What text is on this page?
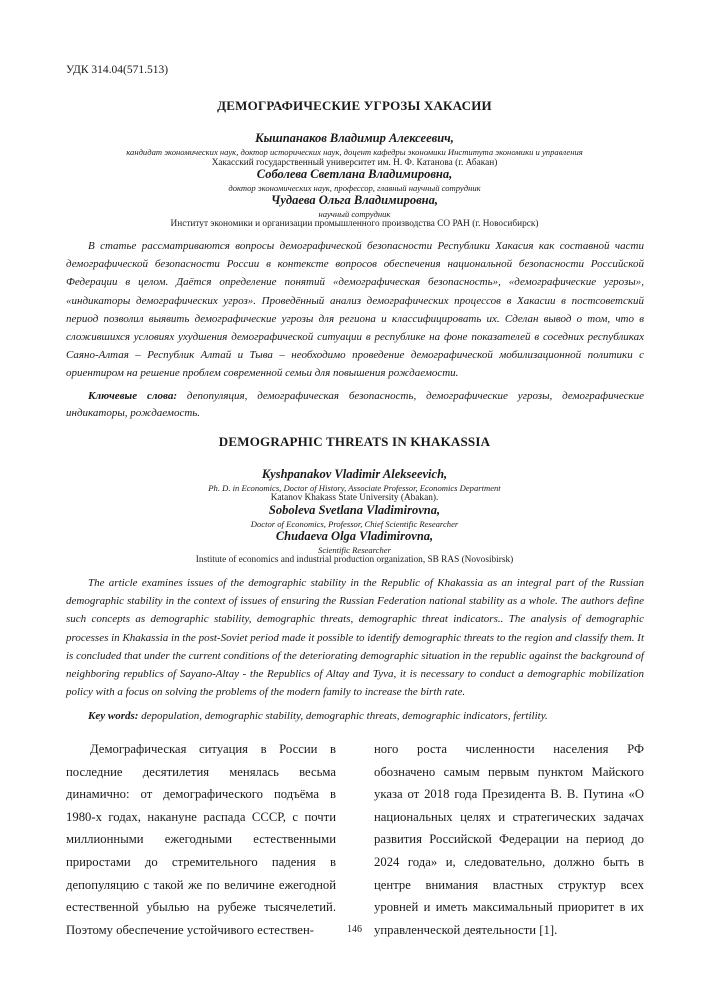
УДК 314.04(571.513)
ДЕМОГРАФИЧЕСКИЕ УГРОЗЫ ХАКАСИИ
Кышпанаков Владимир Алексеевич,
кандидат экономических наук, доктор исторических наук, доцент кафедры экономики Института экономики и управления
Хакасский государственный университет им. Н. Ф. Катанова (г. Абакан)
Соболева Светлана Владимировна,
доктор экономических наук, профессор, главный научный сотрудник
Чудаева Ольга Владимировна,
научный сотрудник
Институт экономики и организации промышленного производства СО РАН (г. Новосибирск)

В статье рассматриваются вопросы демографической безопасности Республики Хакасия как составной части демографической безопасности России в контексте вопросов обеспечения национальной безопасности Российской Федерации в целом. Даётся определение понятий «демографическая безопасность», «демографические угрозы», «индикаторы демографических угроз». Проведённый анализ демографических процессов в Хакасии в постсоветский период позволил выявить демографические угрозы для региона и классифицировать их. Сделан вывод о том, что в сложившихся условиях ухудшения демографической ситуации в республике на фоне показателей в соседних республиках Саяно-Алтая – Республик Алтай и Тыва – необходимо проведение демографической мобилизационной политики с ориентиром на решение проблем современной семьи для повышения рождаемости.

Ключевые слова: депопуляция, демографическая безопасность, демографические угрозы, демографические индикаторы, рождаемость.

DEMOGRAPHIC THREATS IN KHAKASSIA
Kyshpanakov Vladimir Alekseevich,
Ph. D. in Economics, Doctor of History, Associate Professor, Economics Department
Katanov Khakass State University (Abakan).
Soboleva Svetlana Vladimirovna,
Doctor of Economics, Professor, Chief Scientific Researcher
Chudaeva Olga Vladimirovna,
Scientific Researcher
Institute of economics and industrial production organization, SB RAS (Novosibirsk)

The article examines issues of the demographic stability in the Republic of Khakassia as an integral part of the Russian demographic stability in the context of issues of ensuring the Russian Federation national stability as a whole. The authors define such concepts as demographic stability, demographic threats, demographic threat indicators.. The analysis of demographic processes in Khakassia in the post-Soviet period made it possible to identify demographic threats to the region and classify them. It is concluded that under the current conditions of the deteriorating demographic situation in the republic against the background of neighboring republics of Sayano-Altay - the Republics of Altay and Tyva, it is necessary to conduct a demographic mobilization policy with a focus on solving the problems of the modern family to increase the birth rate.

Key words: depopulation, demographic stability, demographic threats, demographic indicators, fertility.

Демографическая ситуация в России в последние десятилетия менялась весьма динамично: от демографического подъёма в 1980-х годах, накануне распада СССР, с почти миллионными ежегодными естественными приростами до стремительного падения в депопуляцию с такой же по величине ежегодной естественной убылью на рубеже тысячелетий. Поэтому обеспечение устойчивого естествен-

ного роста численности населения РФ обозначено самым первым пунктом Майского указа от 2018 года Президента В. В. Путина «О национальных целях и стратегических задачах развития Российской Федерации на период до 2024 года» и, следовательно, должно быть в центре внимания властных структур всех уровней и иметь максимальный приоритет в их управленческой деятельности [1].

146
